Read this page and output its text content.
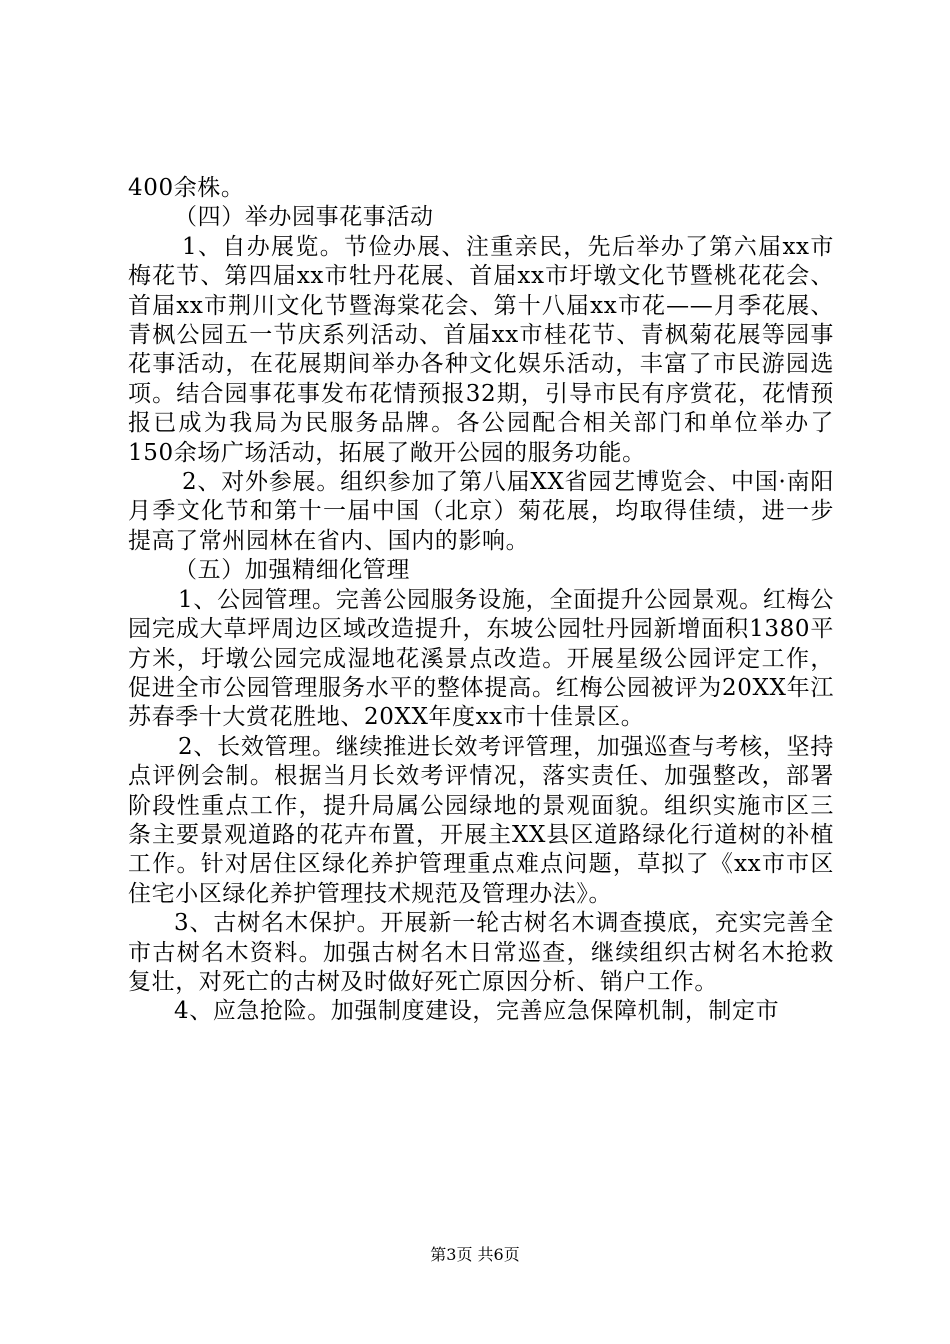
400余株。

（四）举办园事花事活动

1、自办展览。节俭办展、注重亲民，先后举办了第六届xx市梅花节、第四届xx市牡丹花展、首届xx市圩墩文化节暨桃花花会、首届xx市荆川文化节暨海棠花会、第十八届xx市花——月季花展、青枫公园五一节庆系列活动、首届xx市桂花节、青枫菊花展等园事花事活动，在花展期间举办各种文化娱乐活动，丰富了市民游园选项。结合园事花事发布花情预报32期，引导市民有序赏花，花情预报已成为我局为民服务品牌。各公园配合相关部门和单位举办了150余场广场活动，拓展了敞开公园的服务功能。

2、对外参展。组织参加了第八届XX省园艺博览会、中国·南阳月季文化节和第十一届中国（北京）菊花展，均取得佳绩，进一步提高了常州园林在省内、国内的影响。

（五）加强精细化管理

1、公园管理。完善公园服务设施，全面提升公园景观。红梅公园完成大草坪周边区域改造提升，东坡公园牡丹园新增面积1380平方米，圩墩公园完成湿地花溪景点改造。开展星级公园评定工作，促进全市公园管理服务水平的整体提高。红梅公园被评为20XX年江苏春季十大赏花胜地、20XX年度xx市十佳景区。

2、长效管理。继续推进长效考评管理，加强巡查与考核，坚持点评例会制。根据当月长效考评情况，落实责任、加强整改，部署阶段性重点工作，提升局属公园绿地的景观面貌。组织实施市区三条主要景观道路的花卉布置，开展主XX县区道路绿化行道树的补植工作。针对居住区绿化养护管理重点难点问题，草拟了《xx市市区住宅小区绿化养护管理技术规范及管理办法》。

3、古树名木保护。开展新一轮古树名木调查摸底，充实完善全市古树名木资料。加强古树名木日常巡查，继续组织古树名木抢救复壮，对死亡的古树及时做好死亡原因分析、销户工作。

4、应急抢险。加强制度建设，完善应急保障机制，制定市

第3页 共6页
